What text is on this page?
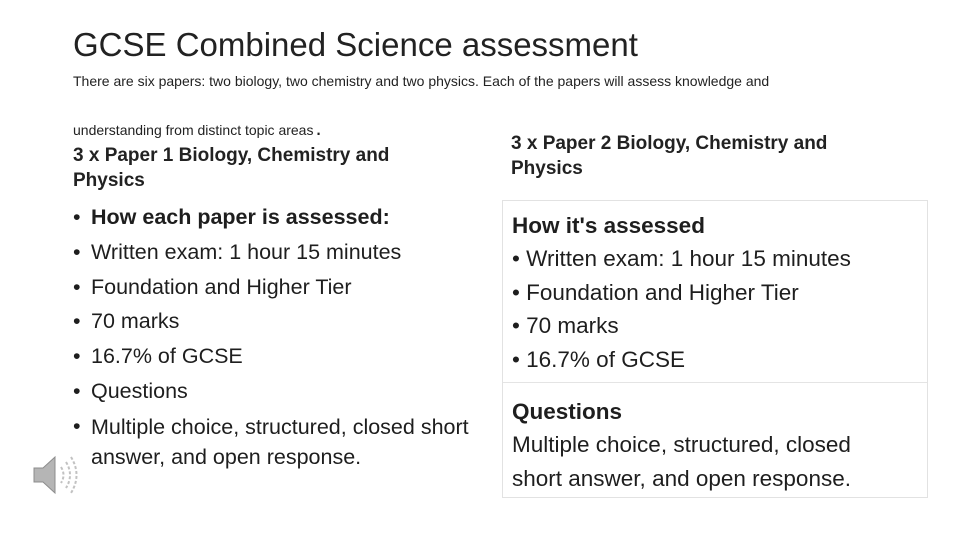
GCSE Combined Science assessment

There are six papers: two biology, two chemistry and two physics. Each of the papers will assess knowledge and
understanding from distinct topic areas.

3 x Paper 1 Biology, Chemistry and Physics
• How each paper is assessed:
• Written exam: 1 hour 15 minutes
• Foundation and Higher Tier
• 70 marks
• 16.7% of GCSE
• Questions
• Multiple choice, structured, closed short answer, and open response.
3 x Paper 2 Biology, Chemistry and Physics
How it's assessed
• Written exam: 1 hour 15 minutes
• Foundation and Higher Tier
• 70 marks
• 16.7% of GCSE
Questions
Multiple choice, structured, closed
short answer, and open response.
